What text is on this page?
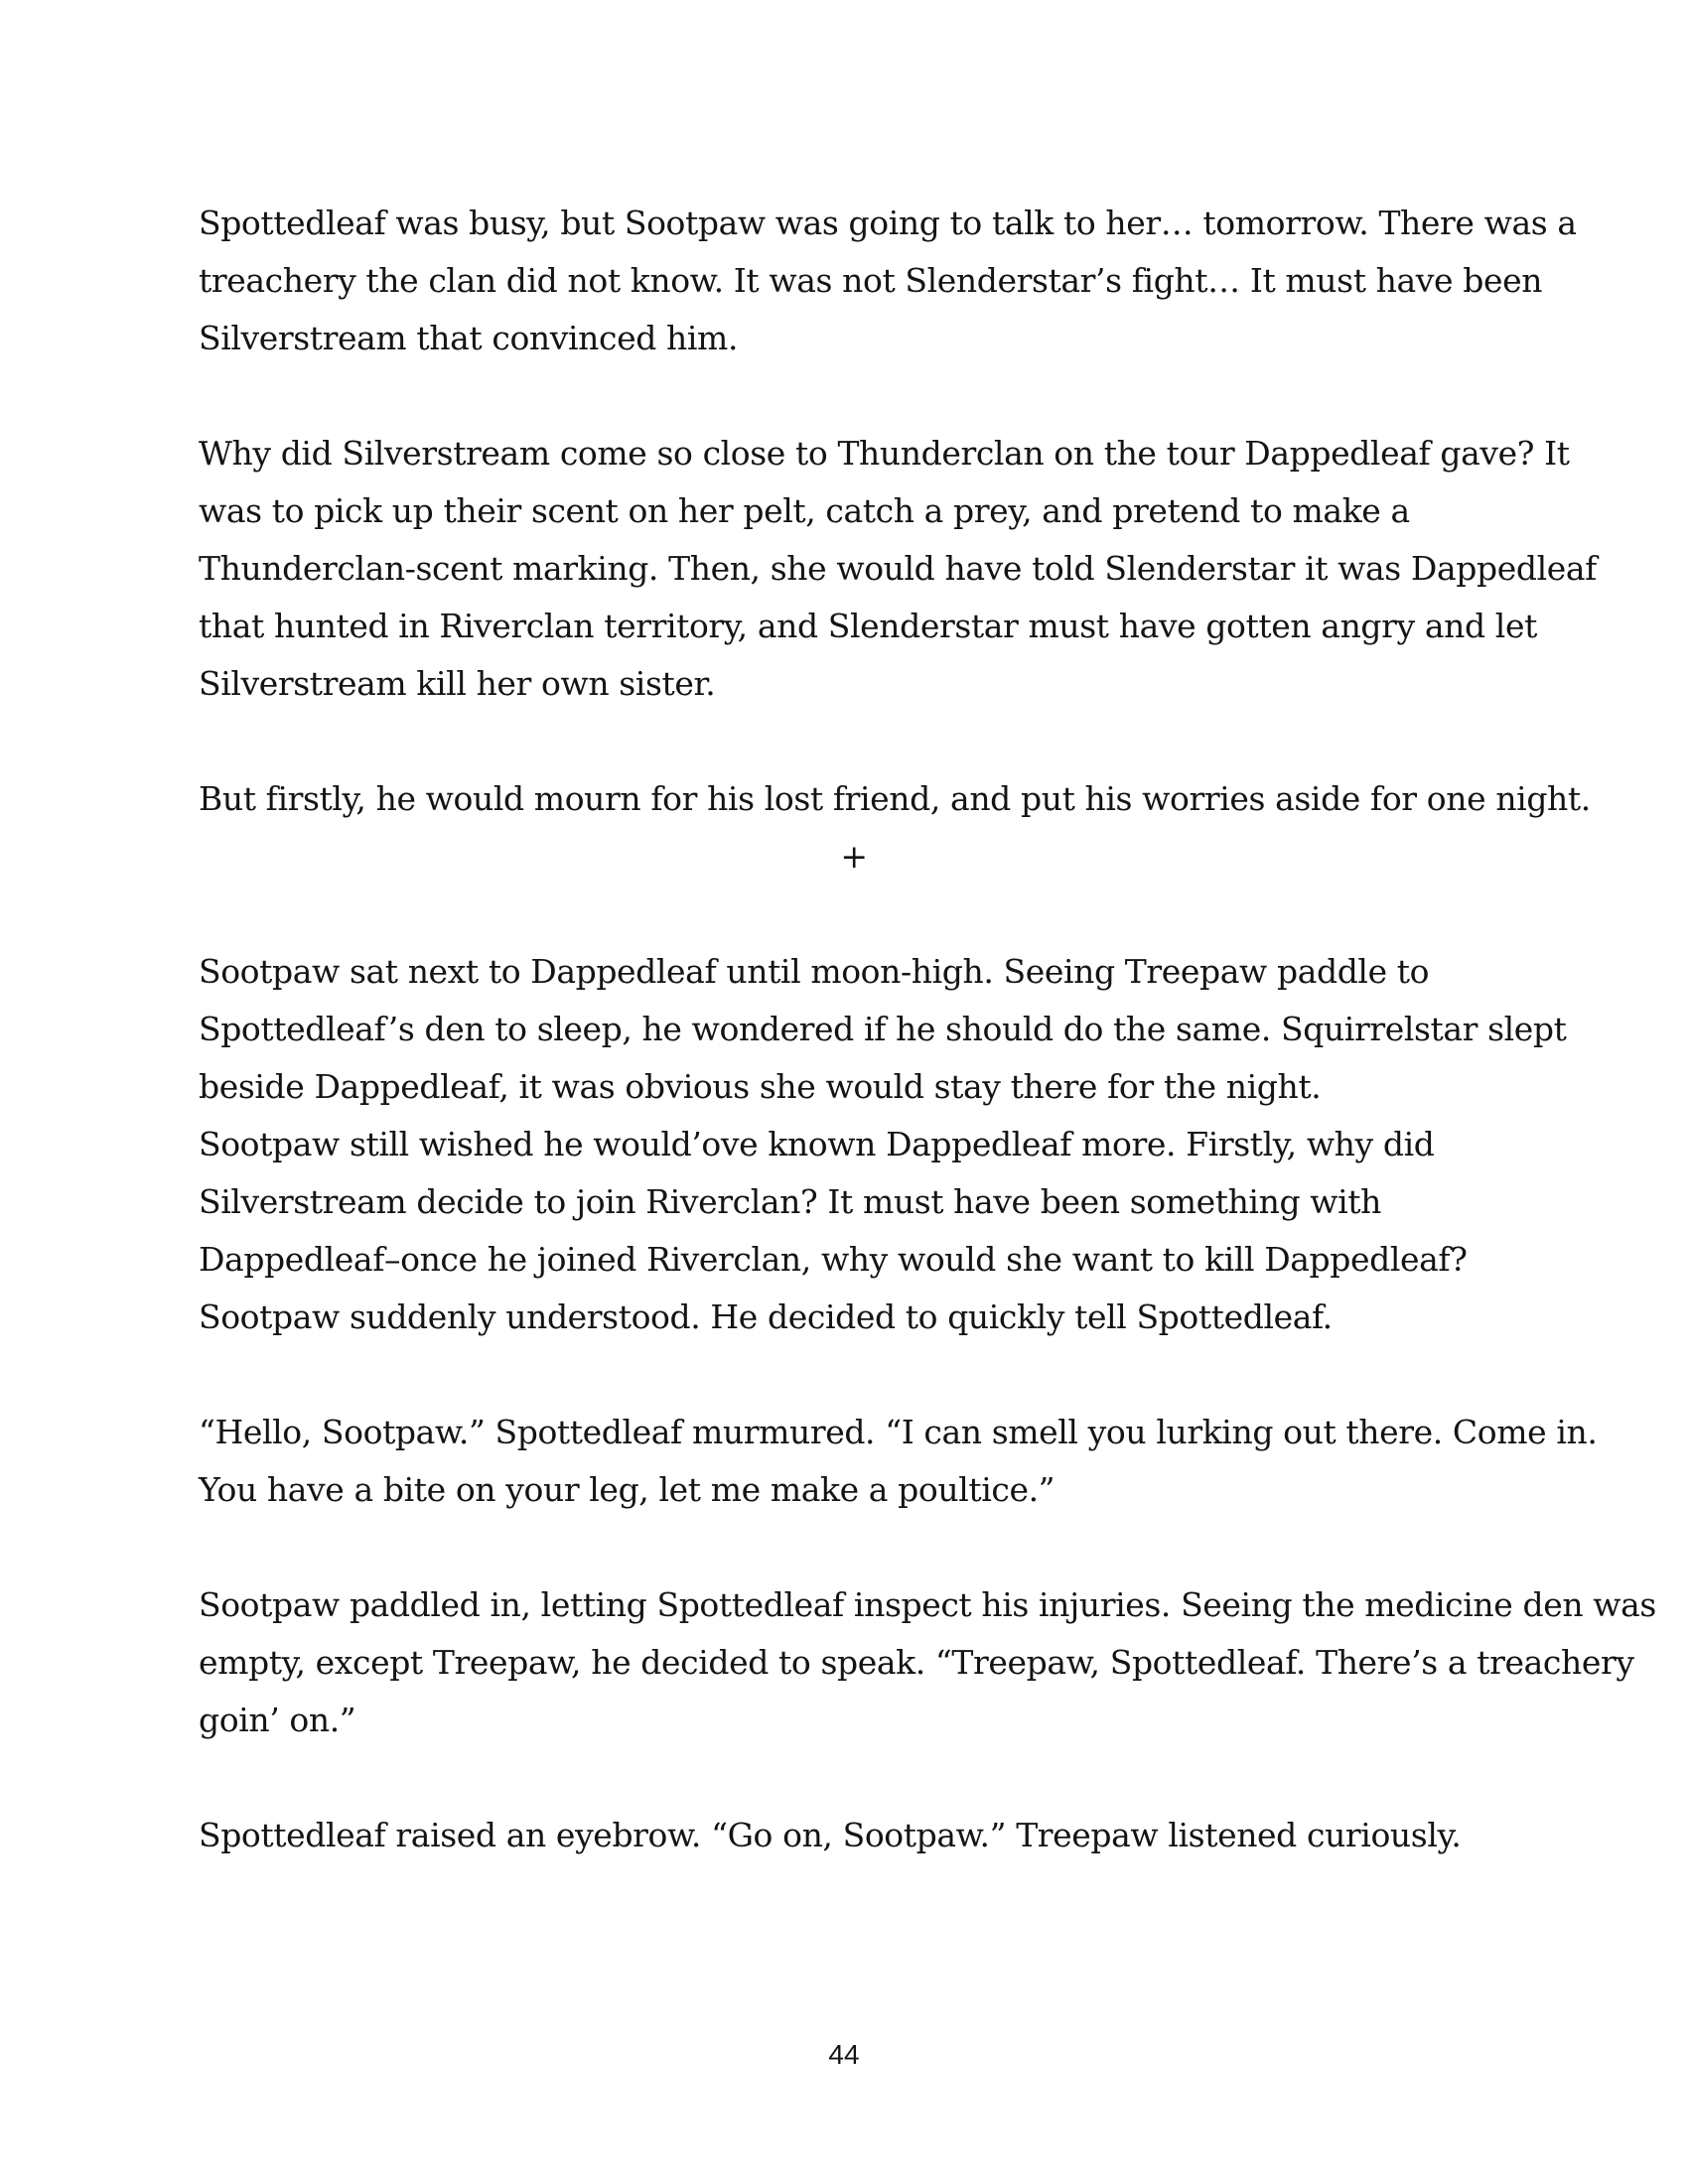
Spottedleaf was busy, but Sootpaw was going to talk to her… tomorrow. There was a
treachery the clan did not know. It was not Slenderstar’s fight… It must have been
Silverstream that convinced him.

Why did Silverstream come so close to Thunderclan on the tour Dappedleaf gave? It
was to pick up their scent on her pelt, catch a prey, and pretend to make a
Thunderclan-scent marking. Then, she would have told Slenderstar it was Dappedleaf
that hunted in Riverclan territory, and Slenderstar must have gotten angry and let
Silverstream kill her own sister.

But firstly, he would mourn for his lost friend, and put his worries aside for one night.

+

Sootpaw sat next to Dappedleaf until moon-high. Seeing Treepaw paddle to
Spottedleaf’s den to sleep, he wondered if he should do the same. Squirrelstar slept
beside Dappedleaf, it was obvious she would stay there for the night.
Sootpaw still wished he would’ove known Dappedleaf more. Firstly, why did
Silverstream decide to join Riverclan? It must have been something with
Dappedleaf–once he joined Riverclan, why would she want to kill Dappedleaf?
Sootpaw suddenly understood. He decided to quickly tell Spottedleaf.

“Hello, Sootpaw.” Spottedleaf murmured. “I can smell you lurking out there. Come in.
You have a bite on your leg, let me make a poultice.”

Sootpaw paddled in, letting Spottedleaf inspect his injuries. Seeing the medicine den was
empty, except Treepaw, he decided to speak. “Treepaw, Spottedleaf. There’s a treachery
goin’ on.”

Spottedleaf raised an eyebrow. “Go on, Sootpaw.” Treepaw listened curiously.

44
